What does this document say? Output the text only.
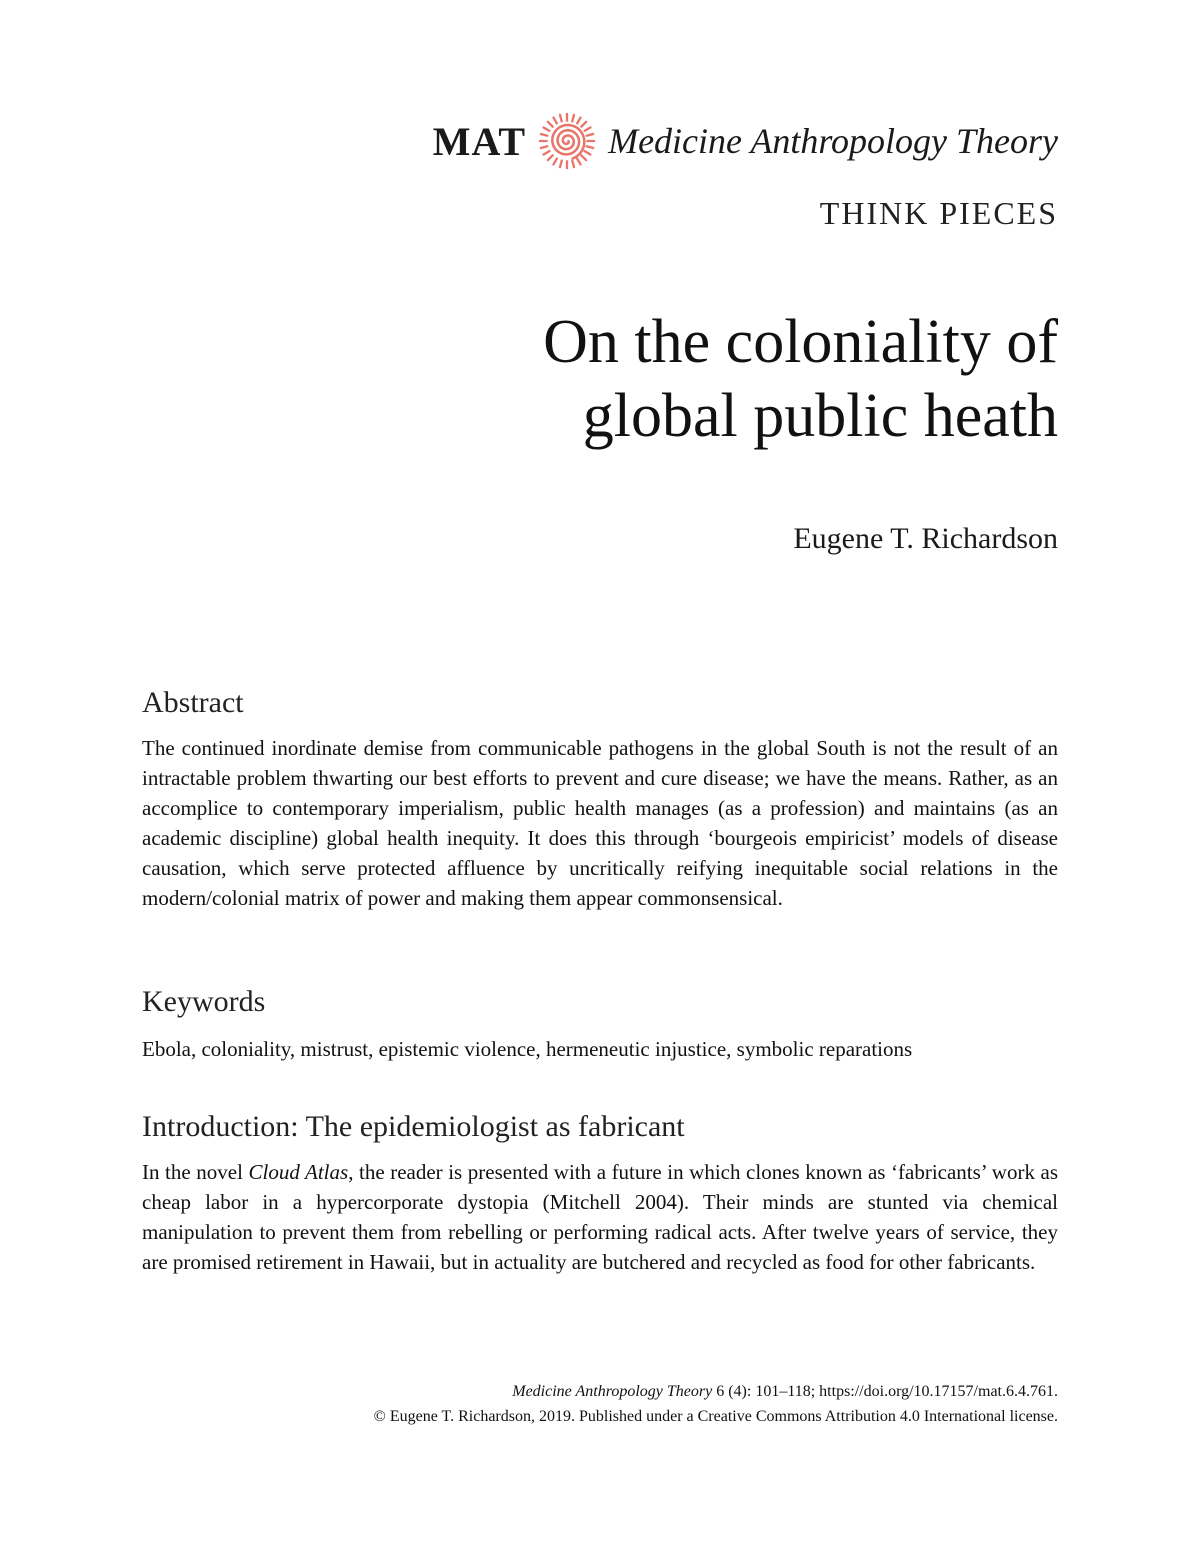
MAT Medicine Anthropology Theory
THINK PIECES
On the coloniality of
global public heath
Eugene T. Richardson
Abstract

The continued inordinate demise from communicable pathogens in the global South is not the result of an intractable problem thwarting our best efforts to prevent and cure disease; we have the means. Rather, as an accomplice to contemporary imperialism, public health manages (as a profession) and maintains (as an academic discipline) global health inequity. It does this through ‘bourgeois empiricist’ models of disease causation, which serve protected affluence by uncritically reifying inequitable social relations in the modern/colonial matrix of power and making them appear commonsensical.

Keywords

Ebola, coloniality, mistrust, epistemic violence, hermeneutic injustice, symbolic reparations

Introduction: The epidemiologist as fabricant

In the novel Cloud Atlas, the reader is presented with a future in which clones known as ‘fabricants’ work as cheap labor in a hypercorporate dystopia (Mitchell 2004). Their minds are stunted via chemical manipulation to prevent them from rebelling or performing radical acts. After twelve years of service, they are promised retirement in Hawaii, but in actuality are butchered and recycled as food for other fabricants.

Medicine Anthropology Theory 6 (4): 101–118; https://doi.org/10.17157/mat.6.4.761.
© Eugene T. Richardson, 2019. Published under a Creative Commons Attribution 4.0 International license.
